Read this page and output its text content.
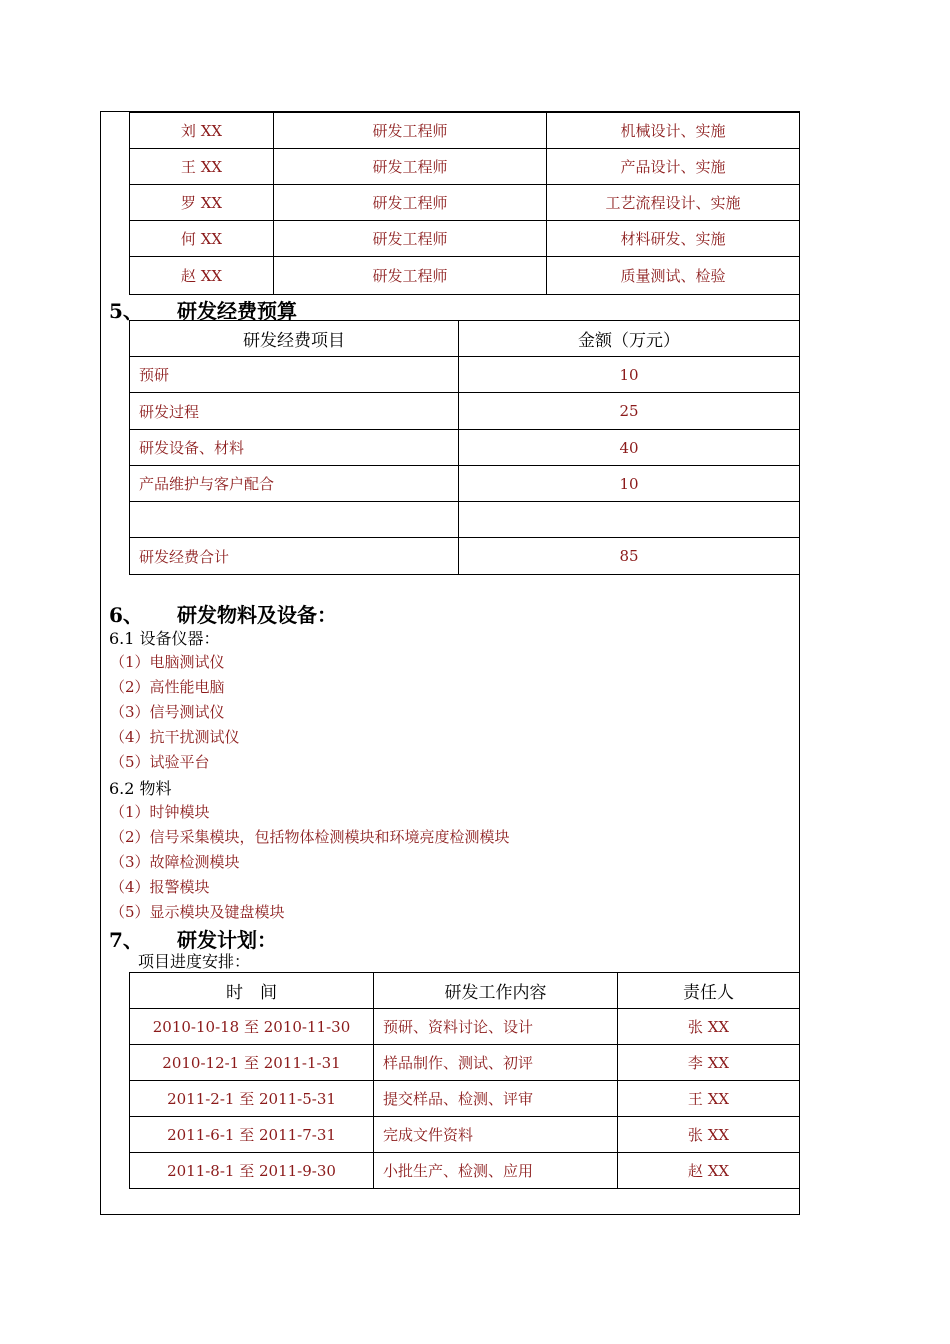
刘 XX	研发工程师	机械设计、实施
王 XX	研发工程师	产品设计、实施
罗 XX	研发工程师	工艺流程设计、实施
何 XX	研发工程师	材料研发、实施
赵 XX	研发工程师	质量测试、检验
5、 研发经费预算
研发经费项目	金额（万元）
预研	10
研发过程	25
研发设备、材料	40
产品维护与客户配合	10

研发经费合计	85
6、 研发物料及设备：
6.1 设备仪器：
（1）电脑测试仪
（2）高性能电脑
（3）信号测试仪
（4）抗干扰测试仪
（5）试验平台
6.2 物料
（1）时钟模块
（2）信号采集模块，包括物体检测模块和环境亮度检测模块
（3）故障检测模块
（4）报警模块
（5）显示模块及键盘模块
7、 研发计划：
项目进度安排：
时　间	研发工作内容	责任人
2010-10-18 至 2010-11-30	预研、资料讨论、设计	张 XX
2010-12-1 至 2011-1-31	样品制作、测试、初评	李 XX
2011-2-1 至 2011-5-31	提交样品、检测、评审	王 XX
2011-6-1 至 2011-7-31	完成文件资料	张 XX
2011-8-1 至 2011-9-30	小批生产、检测、应用	赵 XX
